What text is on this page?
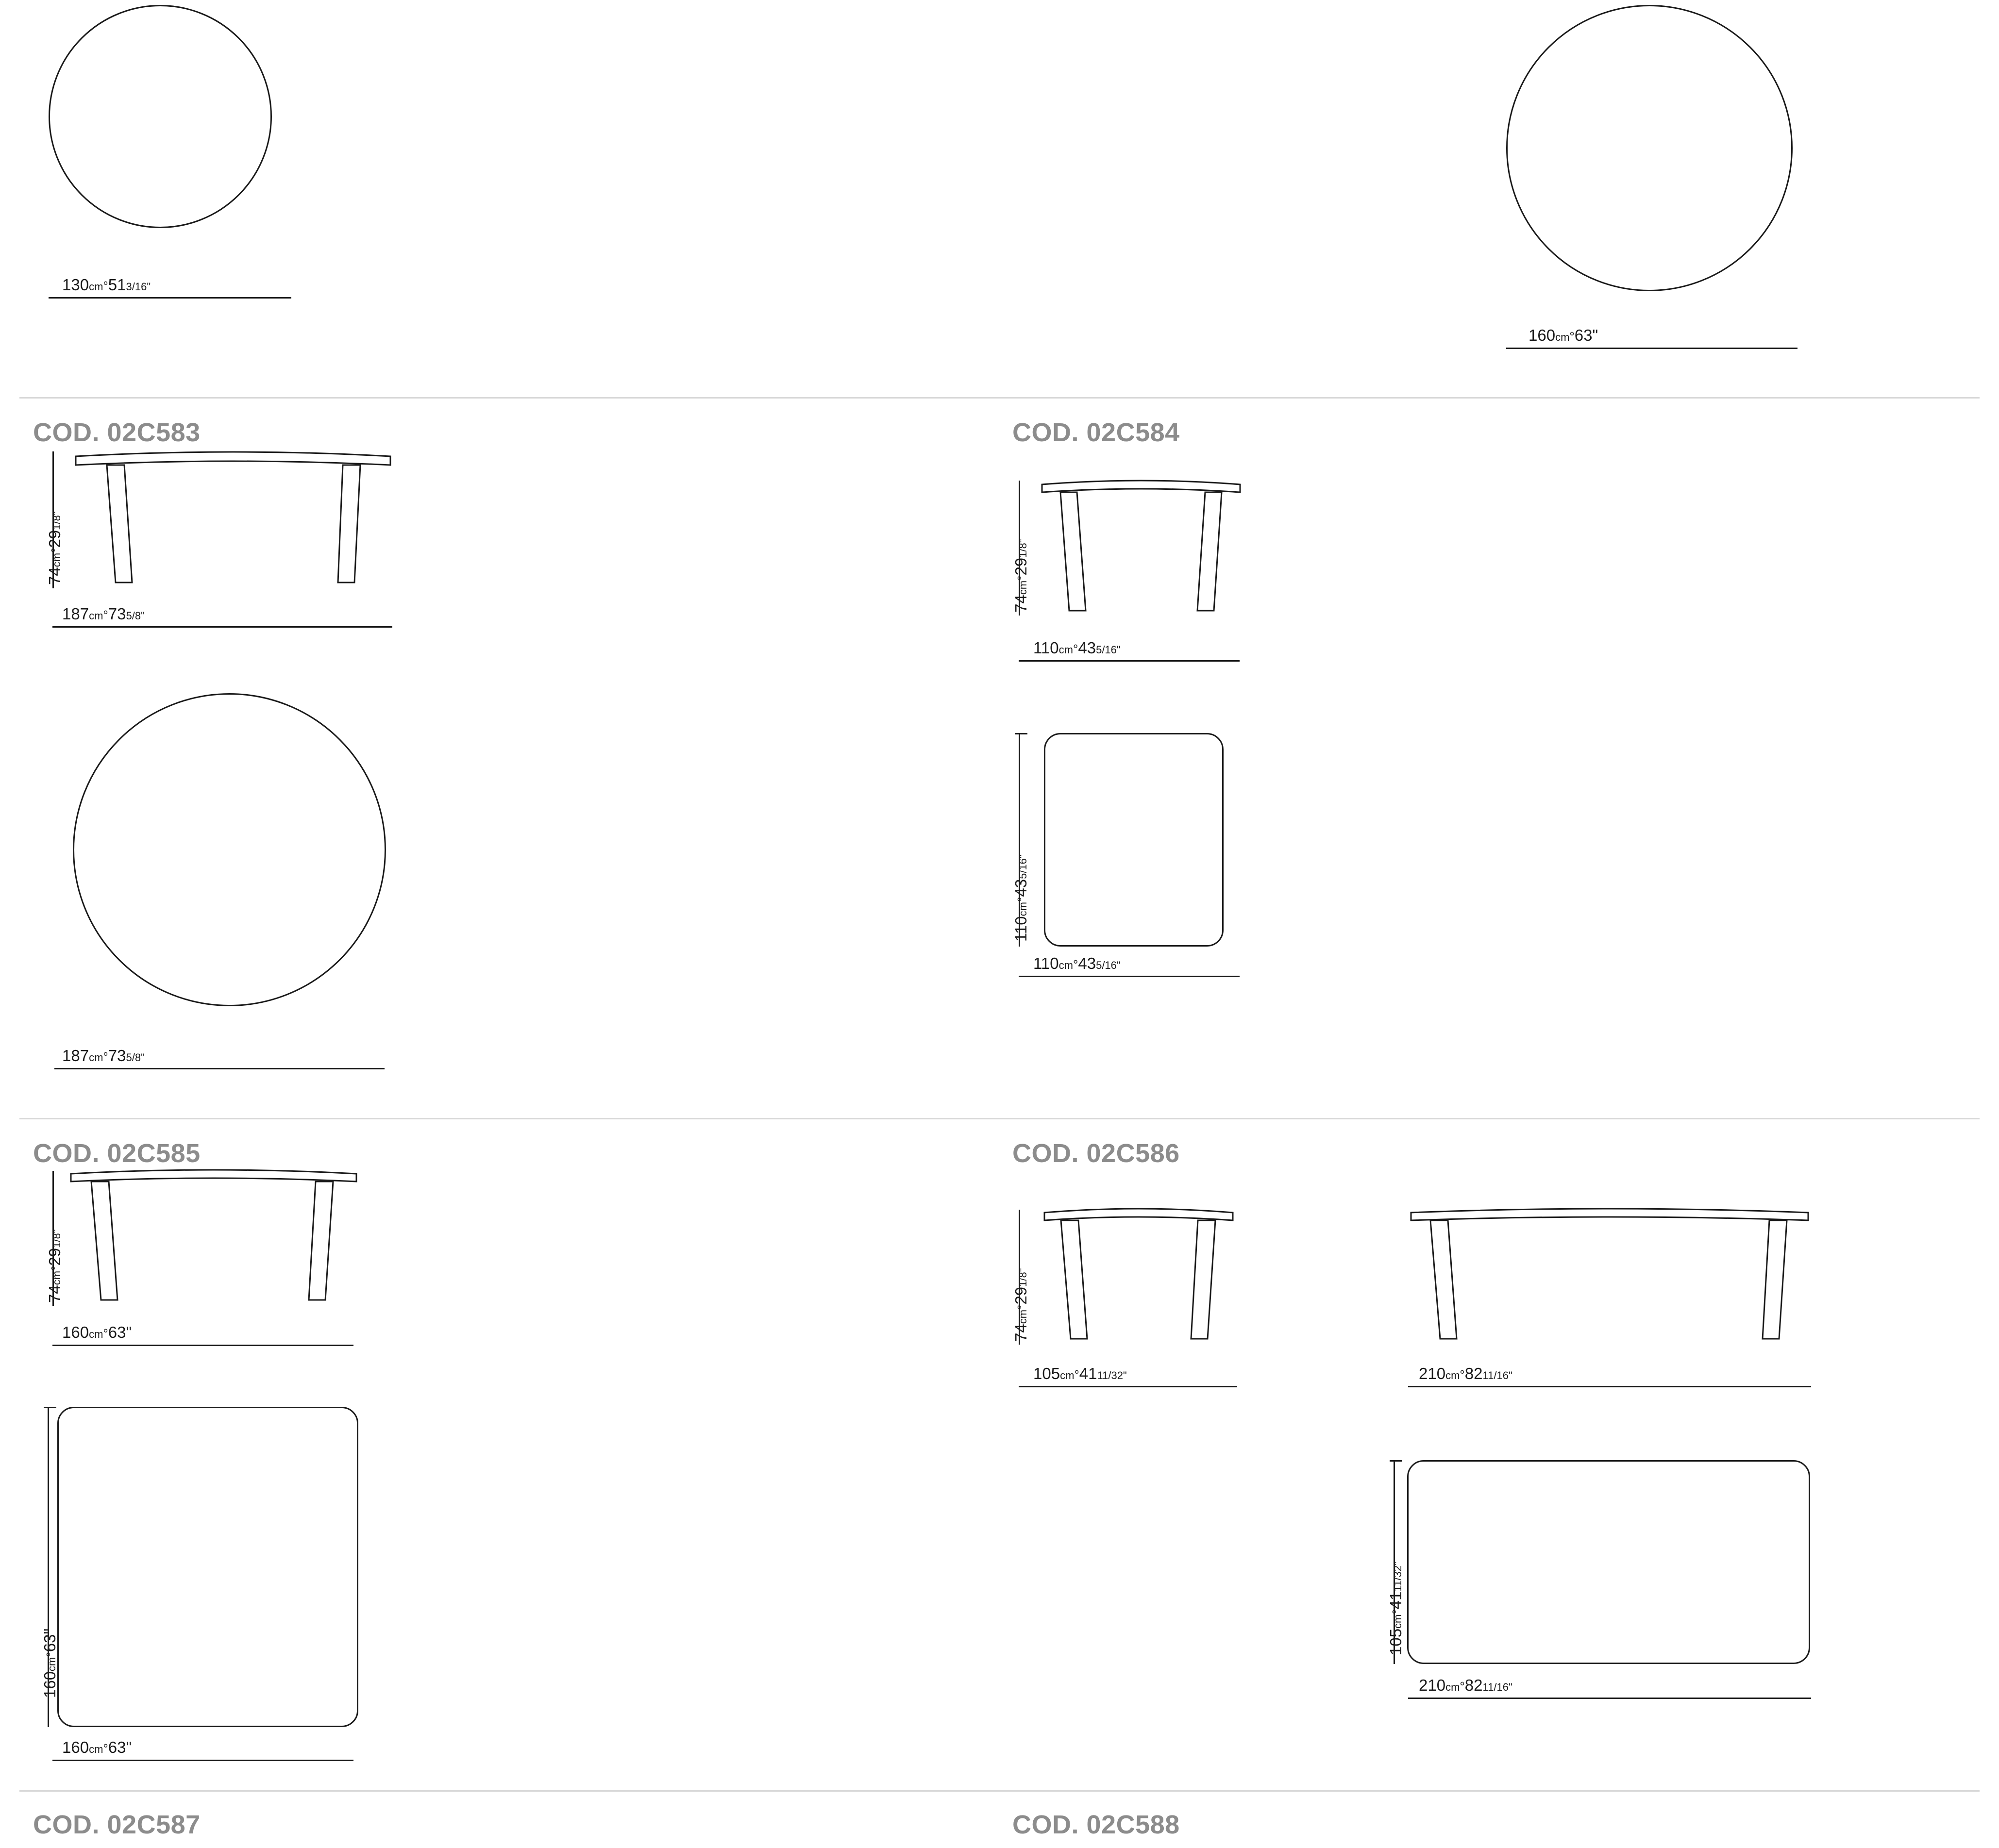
130cm°513/16"
160cm°63"
COD. 02C583	COD. 02C584
74cm°291/8"
187cm°735/8"
187cm°735/8"
74cm°291/8"
110cm°435/16"
110cm°435/16"
110cm°435/16"
COD. 02C585	COD. 02C586
74cm°291/8"
160cm°63"
160cm°63"
160cm°63"
74cm°291/8"
105cm°4111/32"	210cm°8211/16"
105cm°4111/32"
210cm°8211/16"
COD. 02C587	COD. 02C588
